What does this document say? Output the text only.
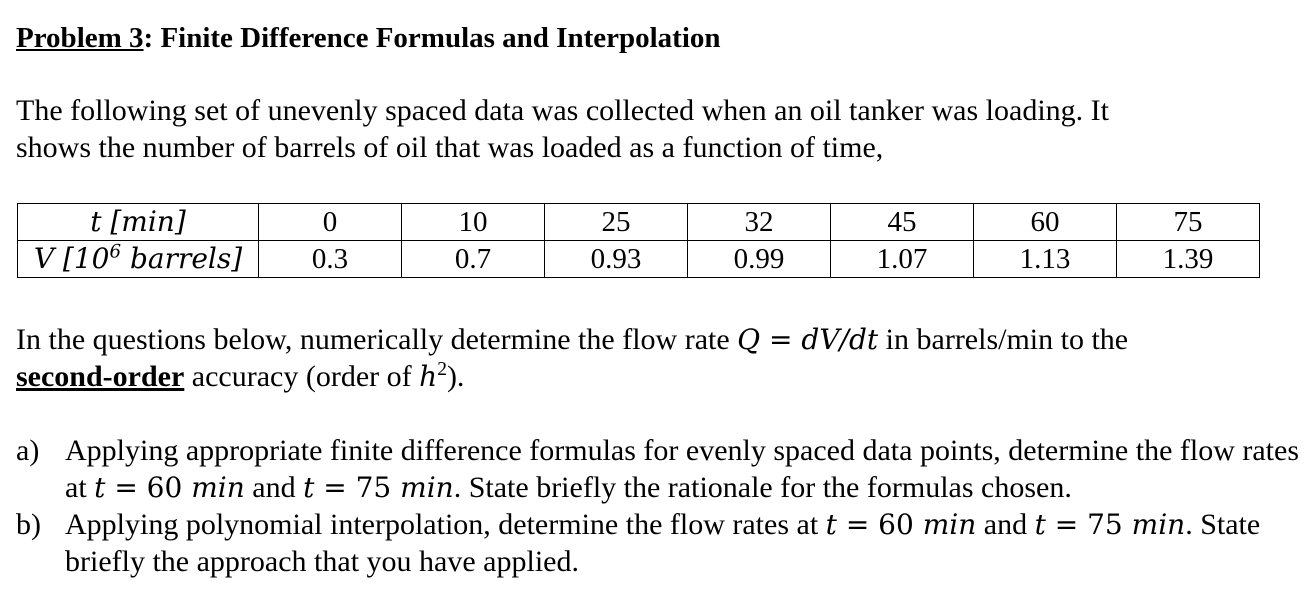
Problem 3: Finite Difference Formulas and Interpolation

The following set of unevenly spaced data was collected when an oil tanker was loading. It

shows the number of barrels of oil that was loaded as a function of time,

t [min]	0	10	25	32	45	60	75
V [$10^6$ barrels]	0.3	0.7	0.93	0.99	1.07	1.13	1.39

In the questions below, numerically determine the flow rate Q = dV/dt in barrels/min to the

second-order accuracy (order of $h^2$).

a) Applying appropriate finite difference formulas for evenly spaced data points, determine the flow rates at t = 60 min and t = 75 min. State briefly the rationale for the formulas chosen.
b) Applying polynomial interpolation, determine the flow rates at t = 60 min and t = 75 min. State briefly the approach that you have applied.
